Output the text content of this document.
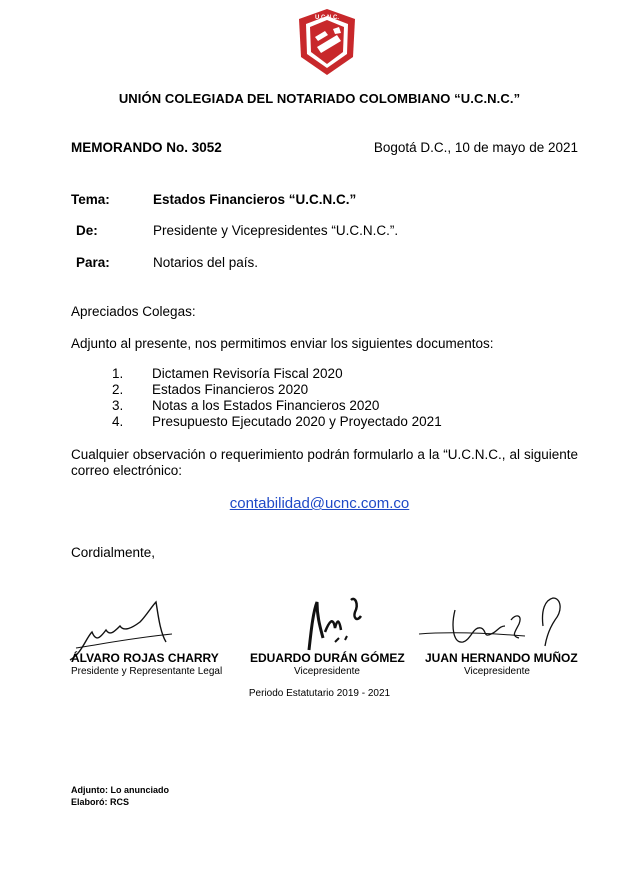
U.C.N.C.
UNIÓN COLEGIADA DEL NOTARIADO COLOMBIANO “U.C.N.C.”
MEMORANDO No. 3052	Bogotá D.C., 10 de mayo de 2021
Tema:	Estados Financieros “U.C.N.C.”
De:	Presidente y Vicepresidentes “U.C.N.C.”.
Para:	Notarios del país.
Apreciados Colegas:
Adjunto al presente, nos permitimos enviar los siguientes documentos:
1. Dictamen Revisoría Fiscal 2020
2. Estados Financieros 2020
3. Notas a los Estados Financieros 2020
4. Presupuesto Ejecutado 2020 y Proyectado 2021
Cualquier observación o requerimiento podrán formularlo a la “U.C.N.C., al siguiente correo electrónico:
contabilidad@ucnc.com.co
Cordialmente,
ÁLVARO ROJAS CHARRY
Presidente y Representante Legal
EDUARDO DURÁN GÓMEZ
Vicepresidente
JUAN HERNANDO MUÑOZ
Vicepresidente
Periodo Estatutario 2019 - 2021
Adjunto: Lo anunciado
Elaboró: RCS
